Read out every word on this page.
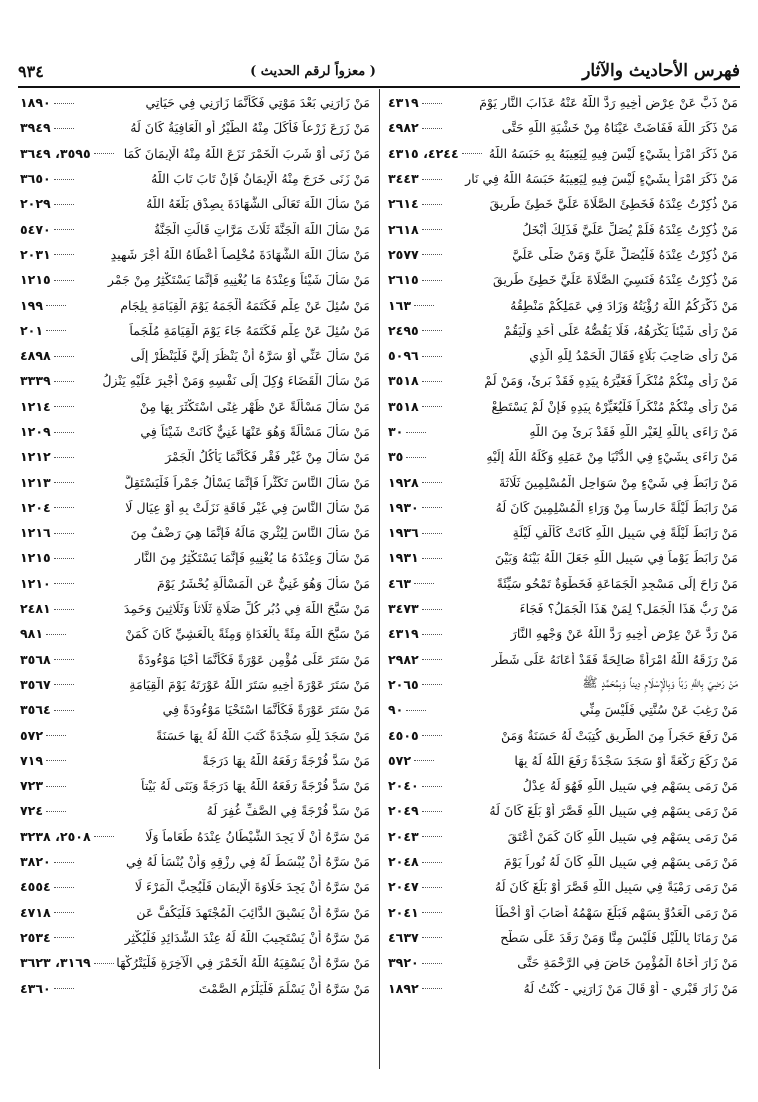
فهرس الأحاديث والآثار
( معزواً لرقم الحديث )
٩٣٤
مَنْ ذَبَّ عَنْ عِرْضِ أَخِيهِ رَدَّ اللَّهُ عَنْهُ عَذَابَ النَّارِ يَوْمَ
٤٣١٩
مَنْ ذَكَرَ اللَّهَ فَفَاضَتْ عَيْنَاهُ مِنْ خَشْيَةِ اللَّهِ حَتَّى
٤٩٨٢
مَنْ ذَكَرَ امْرَأً بِشَيْءٍ لَيْسَ فِيهِ لِيَعِيبَهُ بِهِ حَبَسَهُ اللَّهُ
٤٢٤٤، ٤٣١٥
مَنْ ذَكَرَ امْرَأً بِشَيْءٍ لَيْسَ فِيهِ لِيَعِيبَهُ حَبَسَهُ اللَّهُ فِي نَارِ
٣٤٤٣
مَنْ ذُكِرْتُ عِنْدَهُ فَخَطِئَ الصَّلَاةَ عَلَيَّ خَطِئَ طَرِيقَ
٢٦١٤
مَنْ ذُكِرْتُ عِنْدَهُ فَلَمْ يُصَلِّ عَلَيَّ فَذَلِكَ أَبْخَلُ
٢٦١٨
مَنْ ذُكِرْتُ عِنْدَهُ فَلْيُصَلِّ عَلَيَّ وَمَنْ صَلَّى عَلَيَّ
٢٥٧٧
مَنْ ذُكِرْتُ عِنْدَهُ فَنَسِيَ الصَّلَاةَ عَلَيَّ خَطِئَ طَرِيقَ
٢٦١٥
مَنْ ذَكَّرَكُمُ اللَّهَ رُؤْيَتُهُ وَزَادَ فِي عَمَلِكُمْ مَنْطِقُهُ
١٦٣
مَنْ رَأَى شَيْئاً يَكْرَهُهُ، فَلَا يَقُصُّهُ عَلَى أَحَدٍ وَلْيَقُمْ
٢٤٩٥
مَنْ رَأَى صَاحِبَ بَلَاءٍ فَقَالَ الْحَمْدُ لِلَّهِ الَّذِي
٥٠٩٦
مَنْ رَأَى مِنْكُمْ مُنْكَراً فَغَيَّرَهُ بِيَدِهِ فَقَدْ بَرِئَ، وَمَنْ لَمْ
٣٥١٨
مَنْ رَأَى مِنْكُمْ مُنْكَراً فَلْيُغَيِّرْهُ بِيَدِهِ فَإِنْ لَمْ يَسْتَطِعْ
٣٥١٨
مَنْ رَاءَى بِاللَّهِ لِغَيْرِ اللَّهِ فَقَدْ بَرِئَ مِنَ اللَّهِ
٣٠
مَنْ رَاءَى بِشَيْءٍ فِي الدُّنْيَا مِنْ عَمَلِهِ وَكَلَهُ اللَّهُ إِلَيْهِ
٣٥
مَنْ رَابَطَ فِي شَيْءٍ مِنْ سَوَاحِلِ الْمُسْلِمِينَ ثَلَاثَةَ
١٩٢٨
مَنْ رَابَطَ لَيْلَةً حَارِساً مِنْ وَرَاءِ الْمُسْلِمِينَ كَانَ لَهُ
١٩٣٠
مَنْ رَابَطَ لَيْلَةً فِي سَبِيلِ اللَّهِ كَانَتْ كَأَلْفِ لَيْلَةٍ
١٩٣٦
مَنْ رَابَطَ يَوْماً فِي سَبِيلِ اللَّهِ جَعَلَ اللَّهُ بَيْنَهُ وَبَيْنَ
١٩٣١
مَنْ رَاحَ إِلَى مَسْجِدِ الْجَمَاعَةِ فَخَطْوَةٌ تَمْحُو سَيِّئَةً
٤٦٣
مَنْ رَبُّ هَذَا الْجَمَلِ؟ لِمَنْ هَذَا الْجَمَلُ؟ فَجَاءَ
٣٤٧٣
مَنْ رَدَّ عَنْ عِرْضِ أَخِيهِ رَدَّ اللَّهُ عَنْ وَجْهِهِ النَّارَ
٤٣١٩
مَنْ رَزَقَهُ اللَّهُ امْرَأَةً صَالِحَةً فَقَدْ أَعَانَهُ عَلَى شَطْرِ
٢٩٨٢
مَنْ رَضِيَ بِاللَّهِ رَبّاً وَبِالْإِسْلَامِ دِيناً وَبِمُحَمَّدٍ ﷺ
٢٠٦٥
مَنْ رَغِبَ عَنْ سُنَّتِي فَلَيْسَ مِنِّي
٩٠
مَنْ رَفَعَ حَجَراً مِنَ الطَّرِيقِ كُتِبَتْ لَهُ حَسَنَةٌ وَمَنْ
٤٥٠٥
مَنْ رَكَعَ رَكْعَةً أَوْ سَجَدَ سَجْدَةً رَفَعَ اللَّهُ لَهُ بِهَا
٥٧٢
مَنْ رَمَى بِسَهْمٍ فِي سَبِيلِ اللَّهِ فَهُوَ لَهُ عِدْلُ
٢٠٤٠
مَنْ رَمَى بِسَهْمٍ فِي سَبِيلِ اللَّهِ قَصَّرَ أَوْ بَلَغَ كَانَ لَهُ
٢٠٤٩
مَنْ رَمَى بِسَهْمٍ فِي سَبِيلِ اللَّهِ كَانَ كَمَنْ أَعْتَقَ
٢٠٤٣
مَنْ رَمَى بِسَهْمٍ فِي سَبِيلِ اللَّهِ كَانَ لَهُ نُوراً يَوْمَ
٢٠٤٨
مَنْ رَمَى رَمْيَةً فِي سَبِيلِ اللَّهِ قَصَّرَ أَوْ بَلَغَ كَانَ لَهُ
٢٠٤٧
مَنْ رَمَى الْعَدُوَّ بِسَهْمٍ فَبَلَغَ سَهْمُهُ أَصَابَ أَوْ أَخْطَأَ
٢٠٤١
مَنْ رَمَانَا بِاللَّيْلِ فَلَيْسَ مِنَّا وَمَنْ رَقَدَ عَلَى سَطْحٍ
٤٦٣٧
مَنْ زَارَ أَخَاهُ الْمُؤْمِنَ خَاضَ فِي الرَّحْمَةِ حَتَّى
٣٩٢٠
مَنْ زَارَ قَبْرِي - أَوْ قَالَ مَنْ زَارَنِي - كُنْتُ لَهُ
١٨٩٢
مَنْ زَارَنِي بَعْدَ مَوْتِي فَكَأَنَّمَا زَارَنِي فِي حَيَاتِي
١٨٩٠
مَنْ زَرَعَ زَرْعاً فَأَكَلَ مِنْهُ الطَّيْرُ أَوِ الْعَافِيَةُ كَانَ لَهُ
٣٩٤٩
مَنْ زَنَى أَوْ شَرِبَ الْخَمْرَ نَزَعَ اللَّهُ مِنْهُ الْإِيمَانَ كَمَا
٣٥٩٥، ٣٦٤٩
مَنْ زَنَى خَرَجَ مِنْهُ الْإِيمَانُ فَإِنْ تَابَ تَابَ اللَّهُ
٣٦٥٠
مَنْ سَأَلَ اللَّهَ تَعَالَى الشَّهَادَةَ بِصِدْقٍ بَلَّغَهُ اللَّهُ
٢٠٢٩
مَنْ سَأَلَ اللَّهَ الْجَنَّةَ ثَلَاثَ مَرَّاتٍ قَالَتِ الْجَنَّةُ
٥٤٧٠
مَنْ سَأَلَ اللَّهَ الشَّهَادَةَ مُخْلِصاً أَعْطَاهُ اللَّهُ أَجْرَ شَهِيدٍ
٢٠٣١
مَنْ سَأَلَ شَيْئاً وَعِنْدَهُ مَا يُغْنِيهِ فَإِنَّمَا يَسْتَكْثِرُ مِنْ جَمْرِ
١٢١٥
مَنْ سُئِلَ عَنْ عِلْمٍ فَكَتَمَهُ أَلْجَمَهُ يَوْمَ الْقِيَامَةِ بِلِجَامٍ
١٩٩
مَنْ سُئِلَ عَنْ عِلْمٍ فَكَتَمَهُ جَاءَ يَوْمَ الْقِيَامَةِ مُلْجَماً
٢٠١
مَنْ سَأَلَ عَنِّي أَوْ سَرَّهُ أَنْ يَنْظُرَ إِلَيَّ فَلْيَنْظُرْ إِلَى
٤٨٩٨
مَنْ سَأَلَ الْقَضَاءَ وُكِلَ إِلَى نَفْسِهِ وَمَنْ أُجْبِرَ عَلَيْهِ يَنْزِلُ
٣٣٣٩
مَنْ سَأَلَ مَسْأَلَةً عَنْ ظَهْرِ غِنًى اسْتَكْثَرَ بِهَا مِنْ
١٢١٤
مَنْ سَأَلَ مَسْأَلَةً وَهُوَ عَنْهَا غَنِيٌّ كَانَتْ شَيْئاً فِي
١٢٠٩
مَنْ سَأَلَ مِنْ غَيْرِ فَقْرٍ فَكَأَنَّمَا يَأْكُلُ الْجَمْرَ
١٢١٢
مَنْ سَأَلَ النَّاسَ تَكَثُّراً فَإِنَّمَا يَسْأَلُ جَمْراً فَلْيَسْتَقِلَّ
١٢١٣
مَنْ سَأَلَ النَّاسَ فِي غَيْرِ فَاقَةٍ نَزَلَتْ بِهِ أَوْ عِيَالٍ لَا
١٢٠٤
مَنْ سَأَلَ النَّاسَ لِيُثْرِيَ مَالَهُ فَإِنَّمَا هِيَ رَضْفٌ مِنَ
١٢١٦
مَنْ سَأَلَ وَعِنْدَهُ مَا يُغْنِيهِ فَإِنَّمَا يَسْتَكْثِرُ مِنَ النَّارِ
١٢١٥
مَنْ سَأَلَ وَهُوَ غَنِيٌّ عَنِ الْمَسْأَلَةِ يُحْشَرُ يَوْمَ
١٢١٠
مَنْ سَبَّحَ اللَّهَ فِي دُبُرِ كُلِّ صَلَاةٍ ثَلَاثاً وَثَلَاثِينَ وَحَمِدَ
٢٤٨١
مَنْ سَبَّحَ اللَّهَ مِئَةً بِالْغَدَاةِ وَمِئَةً بِالْعَشِيِّ كَانَ كَمَنْ
٩٨١
مَنْ سَتَرَ عَلَى مُؤْمِنٍ عَوْرَةً فَكَأَنَّمَا أَحْيَا مَوْءُودَةً
٣٥٦٨
مَنْ سَتَرَ عَوْرَةَ أَخِيهِ سَتَرَ اللَّهُ عَوْرَتَهُ يَوْمَ الْقِيَامَةِ
٣٥٦٧
مَنْ سَتَرَ عَوْرَةً فَكَأَنَّمَا اسْتَحْيَا مَوْءُودَةً فِي
٣٥٦٤
مَنْ سَجَدَ لِلَّهِ سَجْدَةً كَتَبَ اللَّهُ لَهُ بِهَا حَسَنَةً
٥٧٢
مَنْ سَدَّ فُرْجَةً رَفَعَهُ اللَّهُ بِهَا دَرَجَةً
٧١٩
مَنْ سَدَّ فُرْجَةً رَفَعَهُ اللَّهُ بِهَا دَرَجَةً وَبَنَى لَهُ بَيْتاً
٧٢٣
مَنْ سَدَّ فُرْجَةً فِي الصَّفِّ غُفِرَ لَهُ
٧٢٤
مَنْ سَرَّهُ أَنْ لَا يَجِدَ الشَّيْطَانُ عِنْدَهُ طَعَاماً وَلَا
٢٥٠٨، ٣٢٣٨
مَنْ سَرَّهُ أَنْ يُبْسَطَ لَهُ فِي رِزْقِهِ وَأَنْ يُنْسَأَ لَهُ فِي
٣٨٢٠
مَنْ سَرَّهُ أَنْ يَجِدَ حَلَاوَةَ الْإِيمَانِ فَلْيُحِبَّ الْمَرْءَ لَا
٤٥٥٤
مَنْ سَرَّهُ أَنْ يَسْبِقَ الدَّائِبَ الْمُجْتَهِدَ فَلْيَكُفَّ عَنِ
٤٧١٨
مَنْ سَرَّهُ أَنْ يَسْتَجِيبَ اللَّهُ لَهُ عِنْدَ الشَّدَائِدِ فَلْيُكْثِرِ
٢٥٣٤
مَنْ سَرَّهُ أَنْ يَسْقِيَهُ اللَّهُ الْخَمْرَ فِي الْآخِرَةِ فَلْيَتْرُكْهَا
٣١٦٩، ٣٦٢٣
مَنْ سَرَّهُ أَنْ يَسْلَمَ فَلْيَلْزَمِ الصَّمْتَ
٤٣٦٠
